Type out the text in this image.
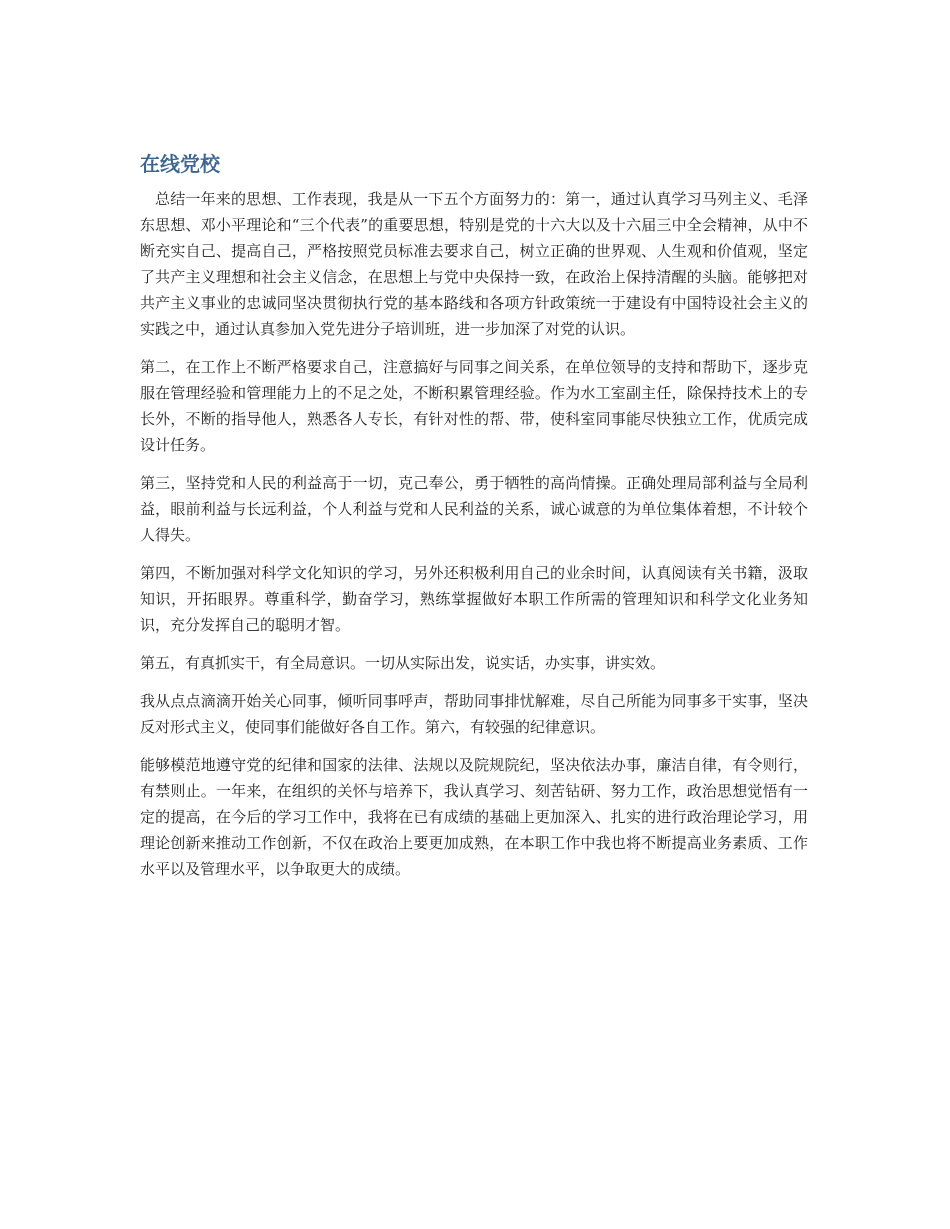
在线党校

总结一年来的思想、工作表现，我是从一下五个方面努力的：第一，通过认真学习马列主义、毛泽东思想、邓小平理论和“三个代表”的重要思想，特别是党的十六大以及十六届三中全会精神，从中不断充实自己、提高自己，严格按照党员标准去要求自己，树立正确的世界观、人生观和价值观，坚定了共产主义理想和社会主义信念，在思想上与党中央保持一致，在政治上保持清醒的头脑。能够把对共产主义事业的忠诚同坚决贯彻执行党的基本路线和各项方针政策统一于建设有中国特设社会主义的实践之中，通过认真参加入党先进分子培训班，进一步加深了对党的认识。

第二，在工作上不断严格要求自己，注意搞好与同事之间关系，在单位领导的支持和帮助下，逐步克服在管理经验和管理能力上的不足之处，不断积累管理经验。作为水工室副主任，除保持技术上的专长外，不断的指导他人，熟悉各人专长，有针对性的帮、带，使科室同事能尽快独立工作，优质完成设计任务。

第三，坚持党和人民的利益高于一切，克己奉公，勇于牺牲的高尚情操。正确处理局部利益与全局利益，眼前利益与长远利益，个人利益与党和人民利益的关系，诚心诚意的为单位集体着想，不计较个人得失。

第四，不断加强对科学文化知识的学习，另外还积极利用自己的业余时间，认真阅读有关书籍，汲取知识，开拓眼界。尊重科学，勤奋学习，熟练掌握做好本职工作所需的管理知识和科学文化业务知识，充分发挥自己的聪明才智。

第五，有真抓实干，有全局意识。一切从实际出发，说实话，办实事，讲实效。

我从点点滴滴开始关心同事，倾听同事呼声，帮助同事排忧解难，尽自己所能为同事多干实事，坚决反对形式主义，使同事们能做好各自工作。第六，有较强的纪律意识。

能够模范地遵守党的纪律和国家的法律、法规以及院规院纪，坚决依法办事，廉洁自律，有令则行，有禁则止。一年来，在组织的关怀与培养下，我认真学习、刻苦钻研、努力工作，政治思想觉悟有一定的提高，在今后的学习工作中，我将在已有成绩的基础上更加深入、扎实的进行政治理论学习，用理论创新来推动工作创新，不仅在政治上要更加成熟，在本职工作中我也将不断提高业务素质、工作水平以及管理水平，以争取更大的成绩。
